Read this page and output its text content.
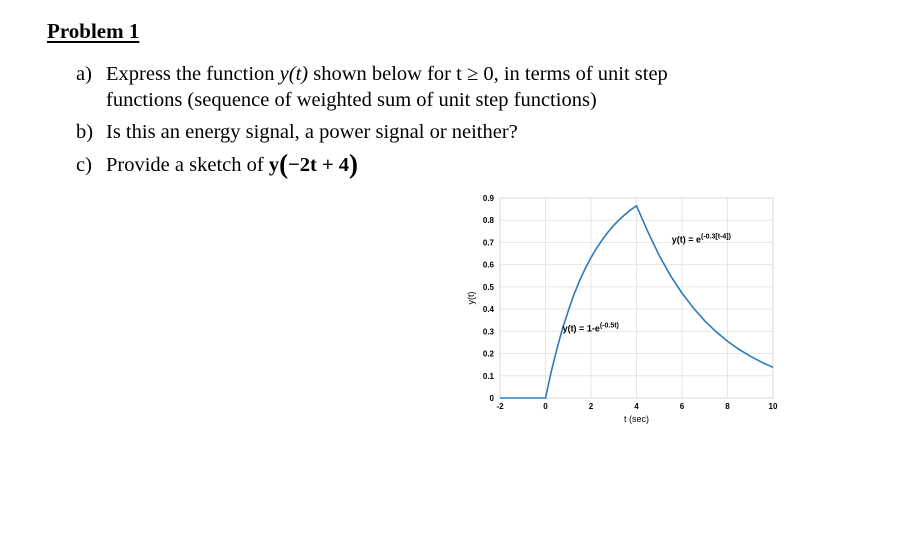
Problem 1
a) Express the function y(t) shown below for t ≥ 0, in terms of unit step
functions (sequence of weighted sum of unit step functions)
b) Is this an energy signal, a power signal or neither?
c) Provide a sketch of y(−2t + 4)
-2	0	2	4	6	8	10
0
0.1
0.2
0.3
0.4
0.5
0.6
0.7
0.8
0.9
$y(t) = 1-e^{(-0.5t)}$
$y(t) = e^{(-0.3[t-4])}$
t (sec)
y(t)
